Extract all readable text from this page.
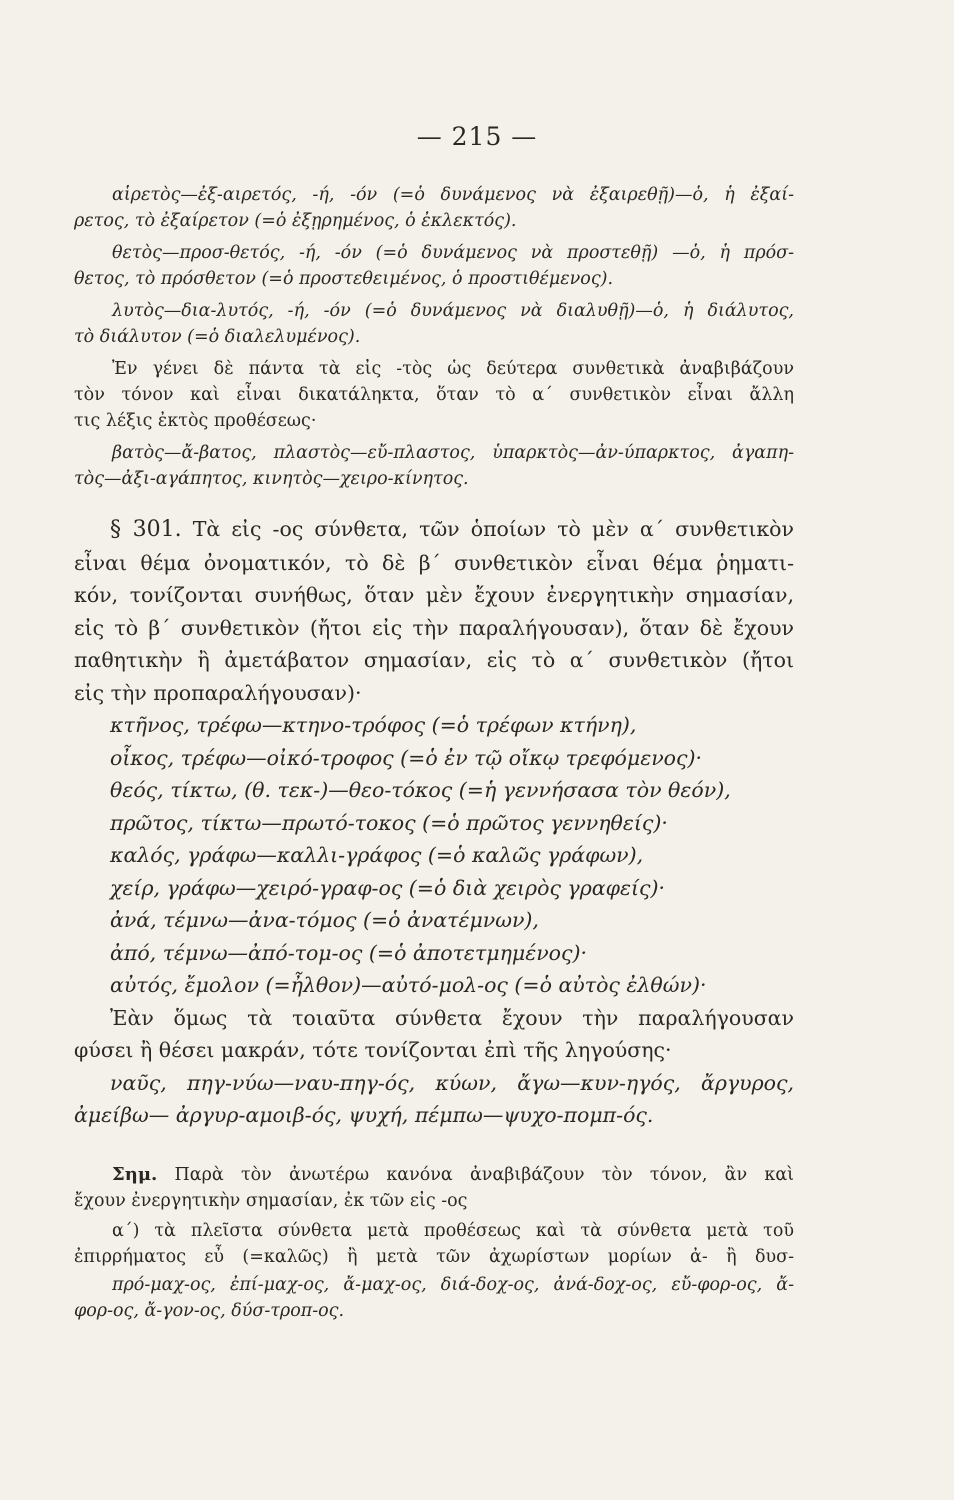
— 215 —
αἱρετὸς—ἐξ-αιρετός, -ή, -όν (=ὁ δυνάμενος νὰ ἐξαιρεθῇ)—ὁ, ἡ ἐξαί-
ρετος, τὸ ἐξαίρετον (=ὁ ἐξῃρημένος, ὁ ἐκλεκτός).
θετὸς—προσ-θετός, -ή, -όν (=ὁ δυνάμενος νὰ προστεθῇ) —ὁ, ἡ πρόσ-
θετος, τὸ πρόσθετον (=ὁ προστεθειμένος, ὁ προστιθέμενος).
λυτὸς—δια-λυτός, -ή, -όν (=ὁ δυνάμενος νὰ διαλυθῇ)—ὁ, ἡ διάλυτος,
τὸ διάλυτον (=ὁ διαλελυμένος).
Ἐν γένει δὲ πάντα τὰ εἰς -τὸς ὡς δεύτερα συνθετικὰ ἀναβιβάζουν
τὸν τόνον καὶ εἶναι δικατάληκτα, ὅταν τὸ α΄ συνθετικὸν εἶναι ἄλλη
τις λέξις ἐκτὸς προθέσεως·
βατὸς—ἄ-βατος, πλαστὸς—εὔ-πλαστος, ὑπαρκτὸς—ἀν-ύπαρκτος, ἀγαπη-
τὸς—ἀξι-αγάπητος, κινητὸς—χειρο-κίνητος.
§ 301. Τὰ εἰς -ος σύνθετα, τῶν ὁποίων τὸ μὲν α΄ συνθετικὸν
εἶναι θέμα ὀνοματικόν, τὸ δὲ β΄ συνθετικὸν εἶναι θέμα ῥηματι-
κόν, τονίζονται συνήθως, ὅταν μὲν ἔχουν ἐνεργητικὴν σημασίαν,
εἰς τὸ β΄ συνθετικὸν (ἤτοι εἰς τὴν παραλήγουσαν), ὅταν δὲ ἔχουν
παθητικὴν ἢ ἀμετάβατον σημασίαν, εἰς τὸ α΄ συνθετικὸν (ἤτοι
εἰς τὴν προπαραλήγουσαν)·
κτῆνος, τρέφω—κτηνο-τρόφος (=ὁ τρέφων κτήνη),
οἶκος, τρέφω—οἰκό-τροφος (=ὁ ἐν τῷ οἴκῳ τρεφόμενος)·
θεός, τίκτω, (θ. τεκ-)—θεο-τόκος (=ἡ γεννήσασα τὸν θεόν),
πρῶτος, τίκτω—πρωτό-τοκος (=ὁ πρῶτος γεννηθείς)·
καλός, γράφω—καλλι-γράφος (=ὁ καλῶς γράφων),
χείρ, γράφω—χειρό-γραφ-ος (=ὁ διὰ χειρὸς γραφείς)·
ἀνά, τέμνω—ἀνα-τόμος (=ὁ ἀνατέμνων),
ἀπό, τέμνω—ἀπό-τομ-ος (=ὁ ἀποτετμημένος)·
αὐτός, ἔμολον (=ἦλθον)—αὐτό-μολ-ος (=ὁ αὐτὸς ἐλθών)·
Ἐὰν ὅμως τὰ τοιαῦτα σύνθετα ἔχουν τὴν παραλήγουσαν
φύσει ἢ θέσει μακράν, τότε τονίζονται ἐπὶ τῆς ληγούσης·
ναῦς, πηγ-νύω—ναυ-πηγ-ός, κύων, ἄγω—κυν-ηγός, ἄργυρος,
ἀμείβω— ἀργυρ-αμοιβ-ός, ψυχή, πέμπω—ψυχο-πομπ-ός.
Σημ. Παρὰ τὸν ἀνωτέρω κανόνα ἀναβιβάζουν τὸν τόνον, ἂν καὶ
ἔχουν ἐνεργητικὴν σημασίαν, ἐκ τῶν εἰς -ος
α΄) τὰ πλεῖστα σύνθετα μετὰ προθέσεως καὶ τὰ σύνθετα μετὰ τοῦ
ἐπιρρήματος εὖ (=καλῶς) ἢ μετὰ τῶν ἀχωρίστων μορίων ἀ- ἢ δυσ-
πρό-μαχ-ος, ἐπί-μαχ-ος, ἄ-μαχ-ος, διά-δοχ-ος, ἀνά-δοχ-ος, εὔ-φορ-ος, ἄ-
φορ-ος, ἄ-γον-ος, δύσ-τροπ-ος.
